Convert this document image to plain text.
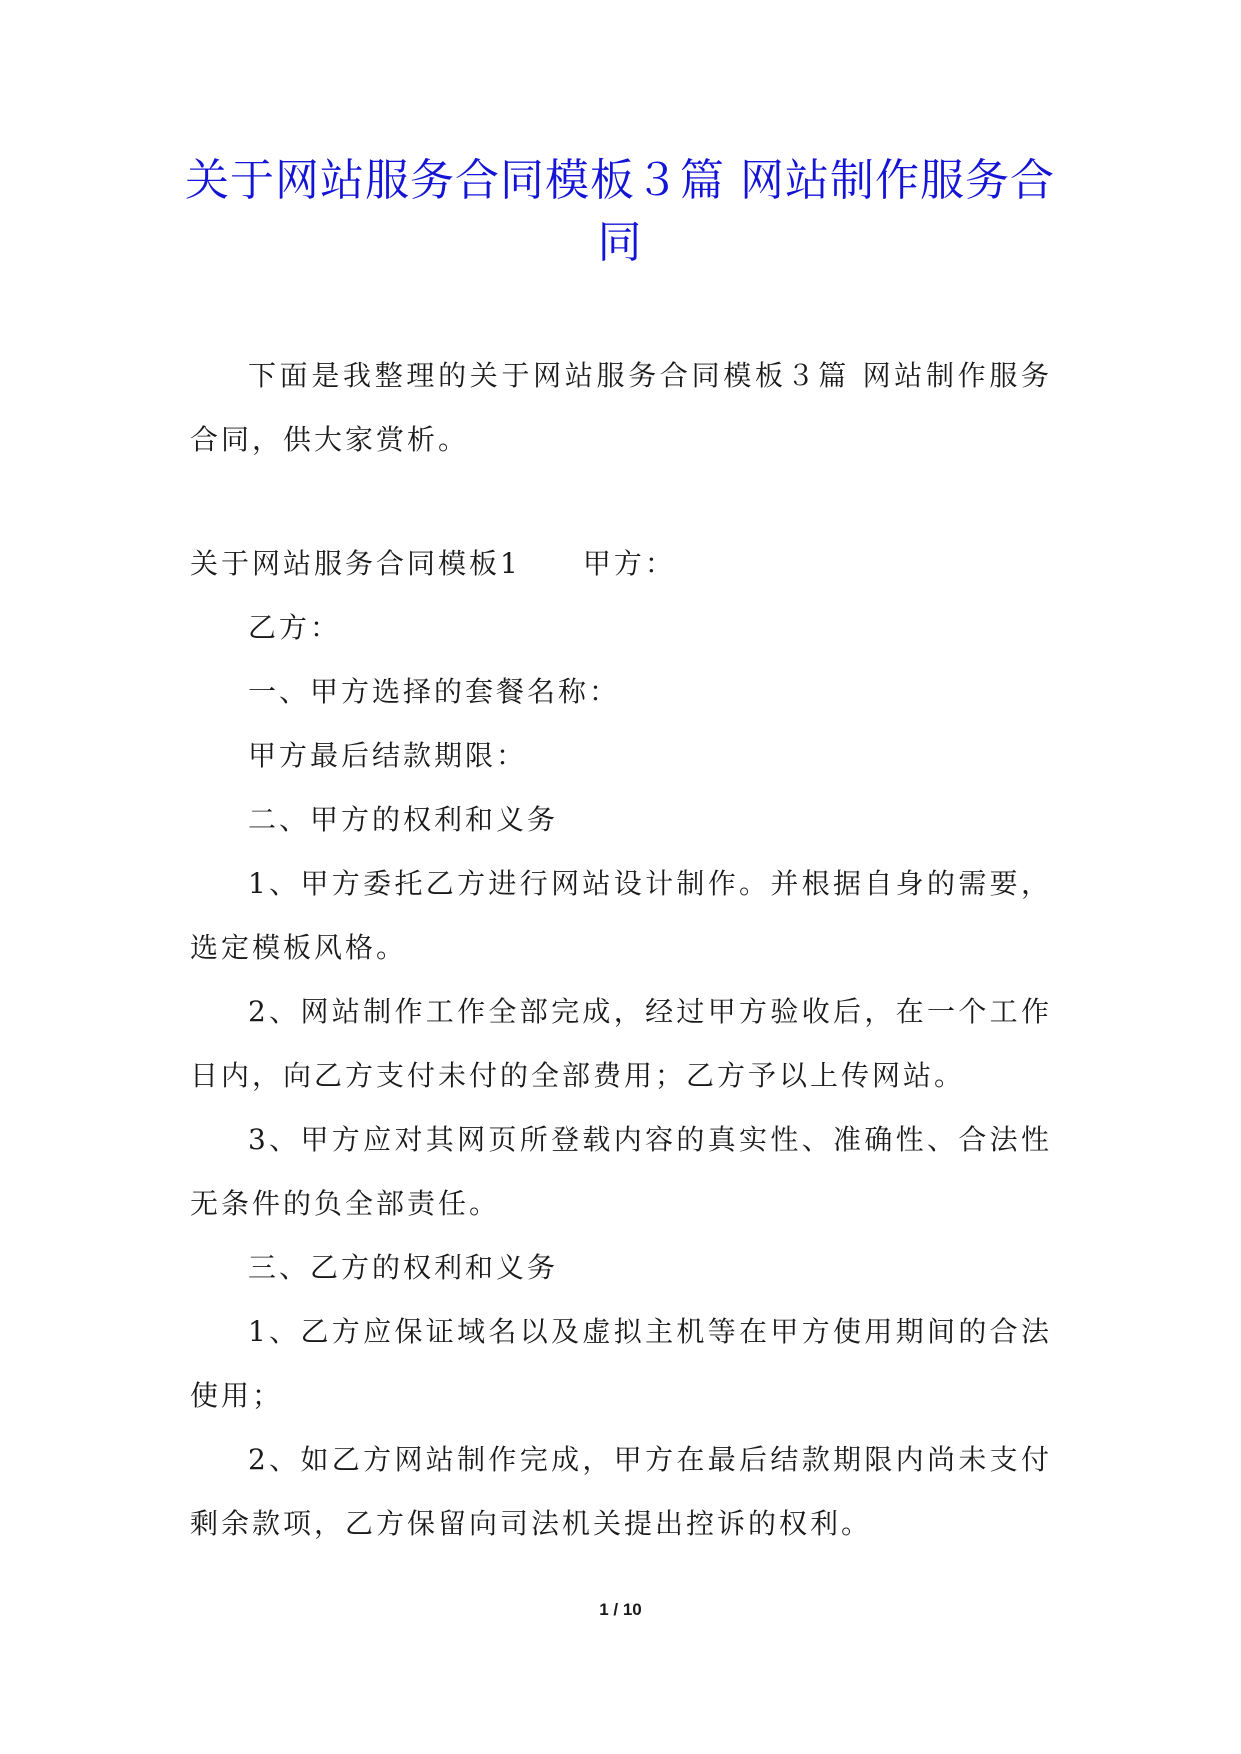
关于网站服务合同模板３篇 网站制作服务合同

下面是我整理的关于网站服务合同模板３篇 网站制作服务合同，供大家赏析。

关于网站服务合同模板1 甲方：

乙方：

一、甲方选择的套餐名称：

甲方最后结款期限：

二、甲方的权利和义务

1、甲方委托乙方进行网站设计制作。并根据自身的需要，选定模板风格。

2、网站制作工作全部完成，经过甲方验收后，在一个工作日内，向乙方支付未付的全部费用；乙方予以上传网站。

3、甲方应对其网页所登载内容的真实性、准确性、合法性无条件的负全部责任。

三、乙方的权利和义务

1、乙方应保证域名以及虚拟主机等在甲方使用期间的合法使用；

2、如乙方网站制作完成，甲方在最后结款期限内尚未支付剩余款项，乙方保留向司法机关提出控诉的权利。

1 / 10
